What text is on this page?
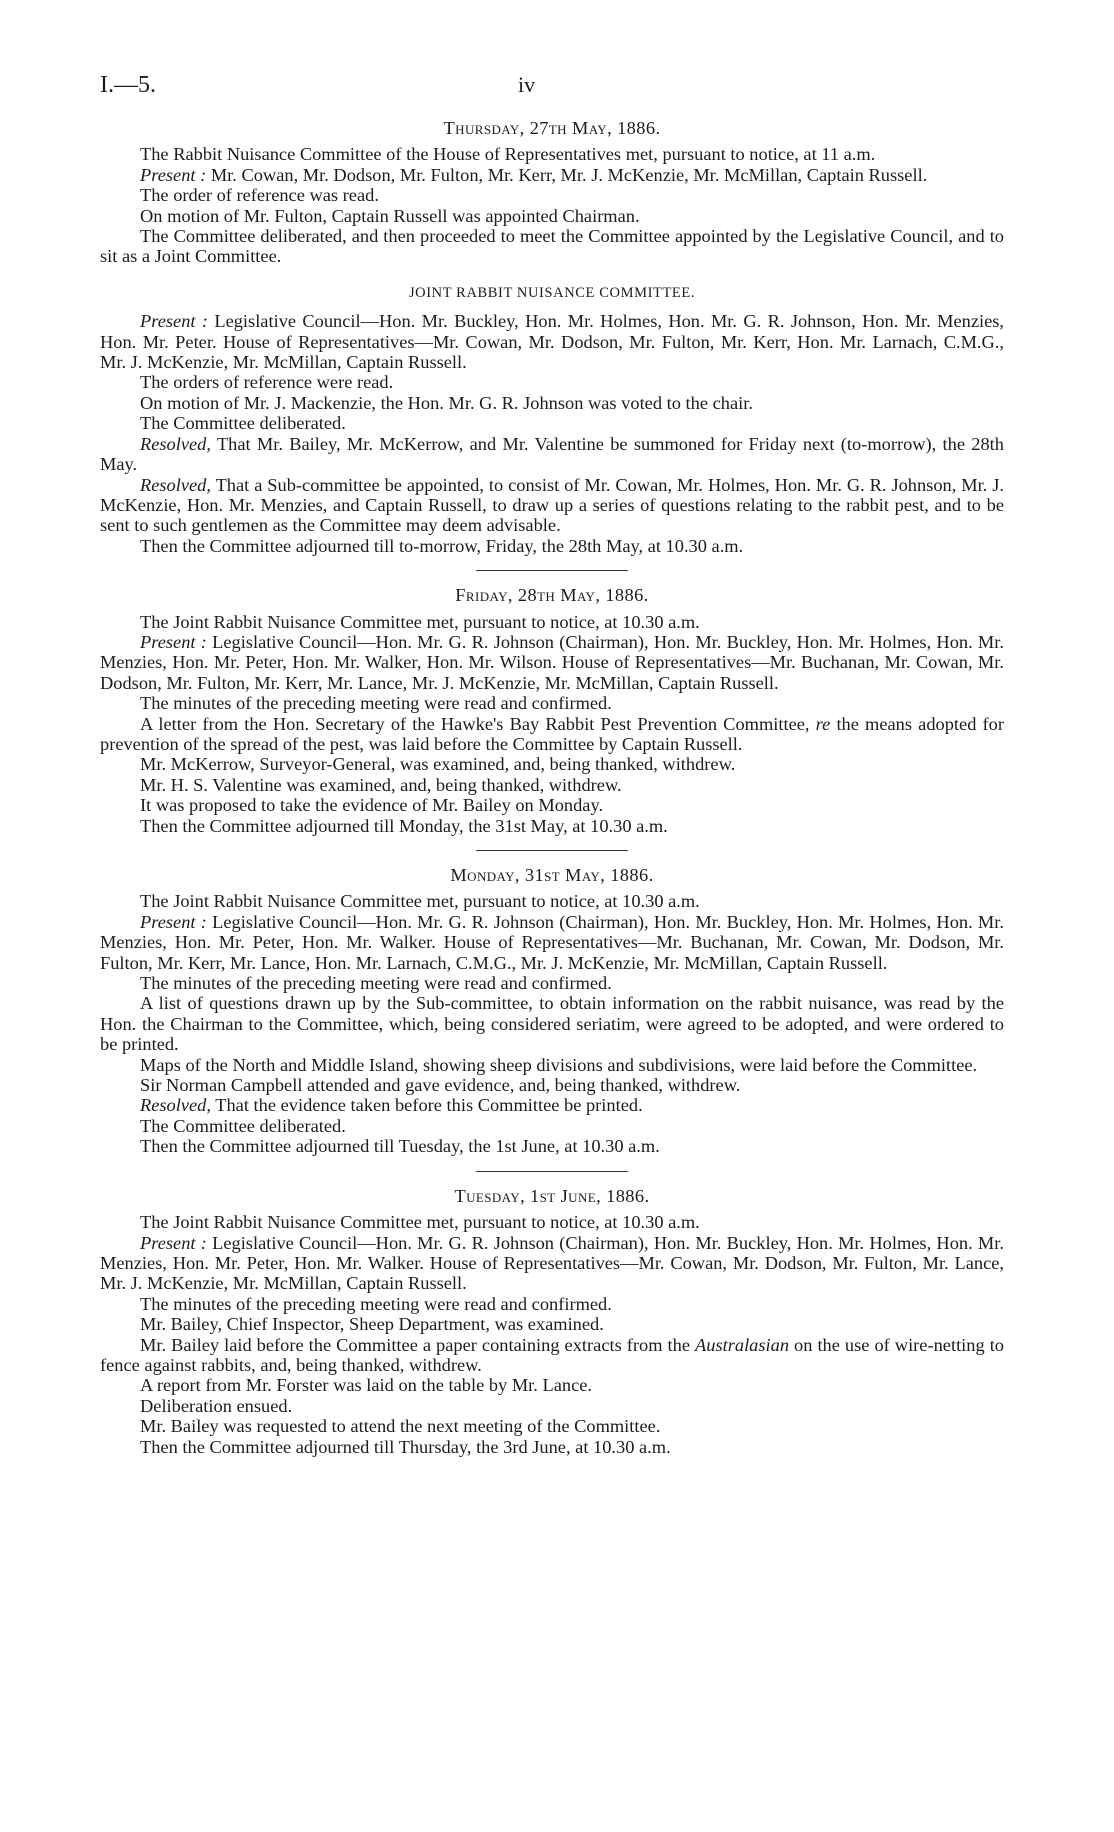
I.—5.	iv
Thursday, 27th May, 1886.

The Rabbit Nuisance Committee of the House of Representatives met, pursuant to notice, at 11 a.m.

Present : Mr. Cowan, Mr. Dodson, Mr. Fulton, Mr. Kerr, Mr. J. McKenzie, Mr. McMillan, Captain Russell.

The order of reference was read.

On motion of Mr. Fulton, Captain Russell was appointed Chairman.

The Committee deliberated, and then proceeded to meet the Committee appointed by the Legislative Council, and to sit as a Joint Committee.

JOINT RABBIT NUISANCE COMMITTEE.

Present : Legislative Council—Hon. Mr. Buckley, Hon. Mr. Holmes, Hon. Mr. G. R. Johnson, Hon. Mr. Menzies, Hon. Mr. Peter. House of Representatives—Mr. Cowan, Mr. Dodson, Mr. Fulton, Mr. Kerr, Hon. Mr. Larnach, C.M.G., Mr. J. McKenzie, Mr. McMillan, Captain Russell.

The orders of reference were read.

On motion of Mr. J. Mackenzie, the Hon. Mr. G. R. Johnson was voted to the chair.

The Committee deliberated.

Resolved, That Mr. Bailey, Mr. McKerrow, and Mr. Valentine be summoned for Friday next (to-morrow), the 28th May.

Resolved, That a Sub-committee be appointed, to consist of Mr. Cowan, Mr. Holmes, Hon. Mr. G. R. Johnson, Mr. J. McKenzie, Hon. Mr. Menzies, and Captain Russell, to draw up a series of questions relating to the rabbit pest, and to be sent to such gentlemen as the Committee may deem advisable.

Then the Committee adjourned till to-morrow, Friday, the 28th May, at 10.30 a.m.

Friday, 28th May, 1886.

The Joint Rabbit Nuisance Committee met, pursuant to notice, at 10.30 a.m.

Present : Legislative Council—Hon. Mr. G. R. Johnson (Chairman), Hon. Mr. Buckley, Hon. Mr. Holmes, Hon. Mr. Menzies, Hon. Mr. Peter, Hon. Mr. Walker, Hon. Mr. Wilson. House of Representatives—Mr. Buchanan, Mr. Cowan, Mr. Dodson, Mr. Fulton, Mr. Kerr, Mr. Lance, Mr. J. McKenzie, Mr. McMillan, Captain Russell.

The minutes of the preceding meeting were read and confirmed.

A letter from the Hon. Secretary of the Hawke's Bay Rabbit Pest Prevention Committee, re the means adopted for prevention of the spread of the pest, was laid before the Committee by Captain Russell.

Mr. McKerrow, Surveyor-General, was examined, and, being thanked, withdrew.

Mr. H. S. Valentine was examined, and, being thanked, withdrew.

It was proposed to take the evidence of Mr. Bailey on Monday.

Then the Committee adjourned till Monday, the 31st May, at 10.30 a.m.

Monday, 31st May, 1886.

The Joint Rabbit Nuisance Committee met, pursuant to notice, at 10.30 a.m.

Present : Legislative Council—Hon. Mr. G. R. Johnson (Chairman), Hon. Mr. Buckley, Hon. Mr. Holmes, Hon. Mr. Menzies, Hon. Mr. Peter, Hon. Mr. Walker. House of Representatives—Mr. Buchanan, Mr. Cowan, Mr. Dodson, Mr. Fulton, Mr. Kerr, Mr. Lance, Hon. Mr. Larnach, C.M.G., Mr. J. McKenzie, Mr. McMillan, Captain Russell.

The minutes of the preceding meeting were read and confirmed.

A list of questions drawn up by the Sub-committee, to obtain information on the rabbit nuisance, was read by the Hon. the Chairman to the Committee, which, being considered seriatim, were agreed to be adopted, and were ordered to be printed.

Maps of the North and Middle Island, showing sheep divisions and subdivisions, were laid before the Committee.

Sir Norman Campbell attended and gave evidence, and, being thanked, withdrew.

Resolved, That the evidence taken before this Committee be printed.

The Committee deliberated.

Then the Committee adjourned till Tuesday, the 1st June, at 10.30 a.m.

Tuesday, 1st June, 1886.

The Joint Rabbit Nuisance Committee met, pursuant to notice, at 10.30 a.m.

Present : Legislative Council—Hon. Mr. G. R. Johnson (Chairman), Hon. Mr. Buckley, Hon. Mr. Holmes, Hon. Mr. Menzies, Hon. Mr. Peter, Hon. Mr. Walker. House of Representatives—Mr. Cowan, Mr. Dodson, Mr. Fulton, Mr. Lance, Mr. J. McKenzie, Mr. McMillan, Captain Russell.

The minutes of the preceding meeting were read and confirmed.

Mr. Bailey, Chief Inspector, Sheep Department, was examined.

Mr. Bailey laid before the Committee a paper containing extracts from the Australasian on the use of wire-netting to fence against rabbits, and, being thanked, withdrew.

A report from Mr. Forster was laid on the table by Mr. Lance.

Deliberation ensued.

Mr. Bailey was requested to attend the next meeting of the Committee.

Then the Committee adjourned till Thursday, the 3rd June, at 10.30 a.m.
